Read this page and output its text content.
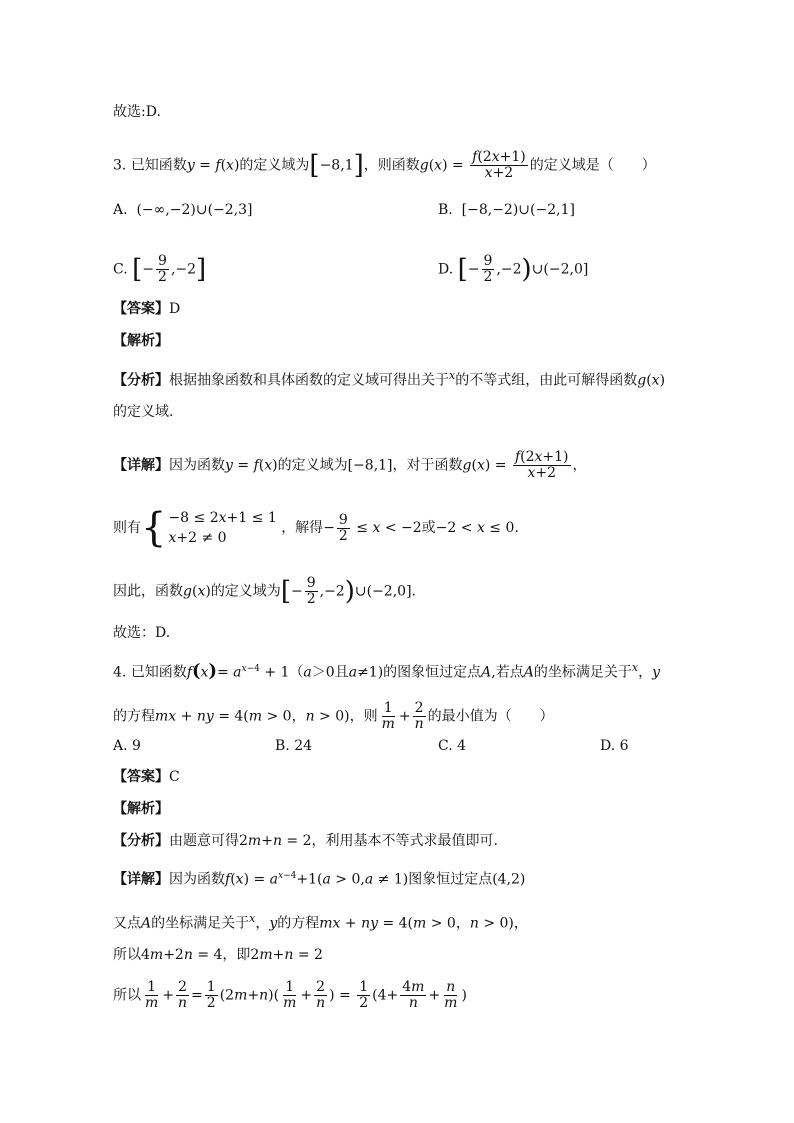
故选:D.
3. 已知函数y = f(x)的定义域为[−8,1]，则函数$g(x) = \frac{f(2x+1)}{x+2}$ 的定义域是（　　）
A.  (−∞,−2)∪(−2,3]	B.  [−8,−2)∪(−2,1]
C. [− $\frac{9}{2} ,-2$]	D. [− $\frac{9}{2}$ ,−2)∪(−2,0]
【答案】D
【解析】
【分析】根据抽象函数和具体函数的定义域可得出关于$^x$的不等式组，由此可解得函数g(x)
的定义域.
【详解】因为函数y = f(x)的定义域为[−8,1]，对于函数$g(x) = \frac{f(2x+1)}{x+2}$ ，
则有 { −8 ≤ 2x+1 ≤ 1
x+2 ≠ 0
，解得− $\frac{9}{2} \le x < -2$或−2 < x ≤ 0.
因此，函数g(x)的定义域为[− $\frac{9}{2}$ ,−2)∪(−2,0].
故选：D.
4. 已知函数$f(x)= a^{x-4} + 1(a>0$且a≠1)的图象恒过定点A,若点A的坐标满足关于$^x$，y
的方程mx + ny = 4(m > 0，n > 0)，则 $\frac{1}{m} + \frac{2}{n}$ 的最小值为（　　）
A. 9	B. 24	C. 4	D. 6
【答案】C
【解析】
【分析】由题意可得2m+n = 2，利用基本不等式求最值即可.
【详解】因为函数$f(x) = a^{x-4}+1(a > 0,a \ne 1)$图象恒过定点(4,2)
又点A的坐标满足关于$^x$，y的方程mx + ny = 4(m > 0，n > 0)，
所以4m+2n = 4，即2m+n = 2
所以 $\frac{1}{m} + \frac{2}{n} = \frac{1}{2} (2m+n)( \frac{1}{m} + \frac{2}{n}$ ) = $\frac{1}{2} (4+ \frac{4m}{n} + \frac{n}{m}$ )
